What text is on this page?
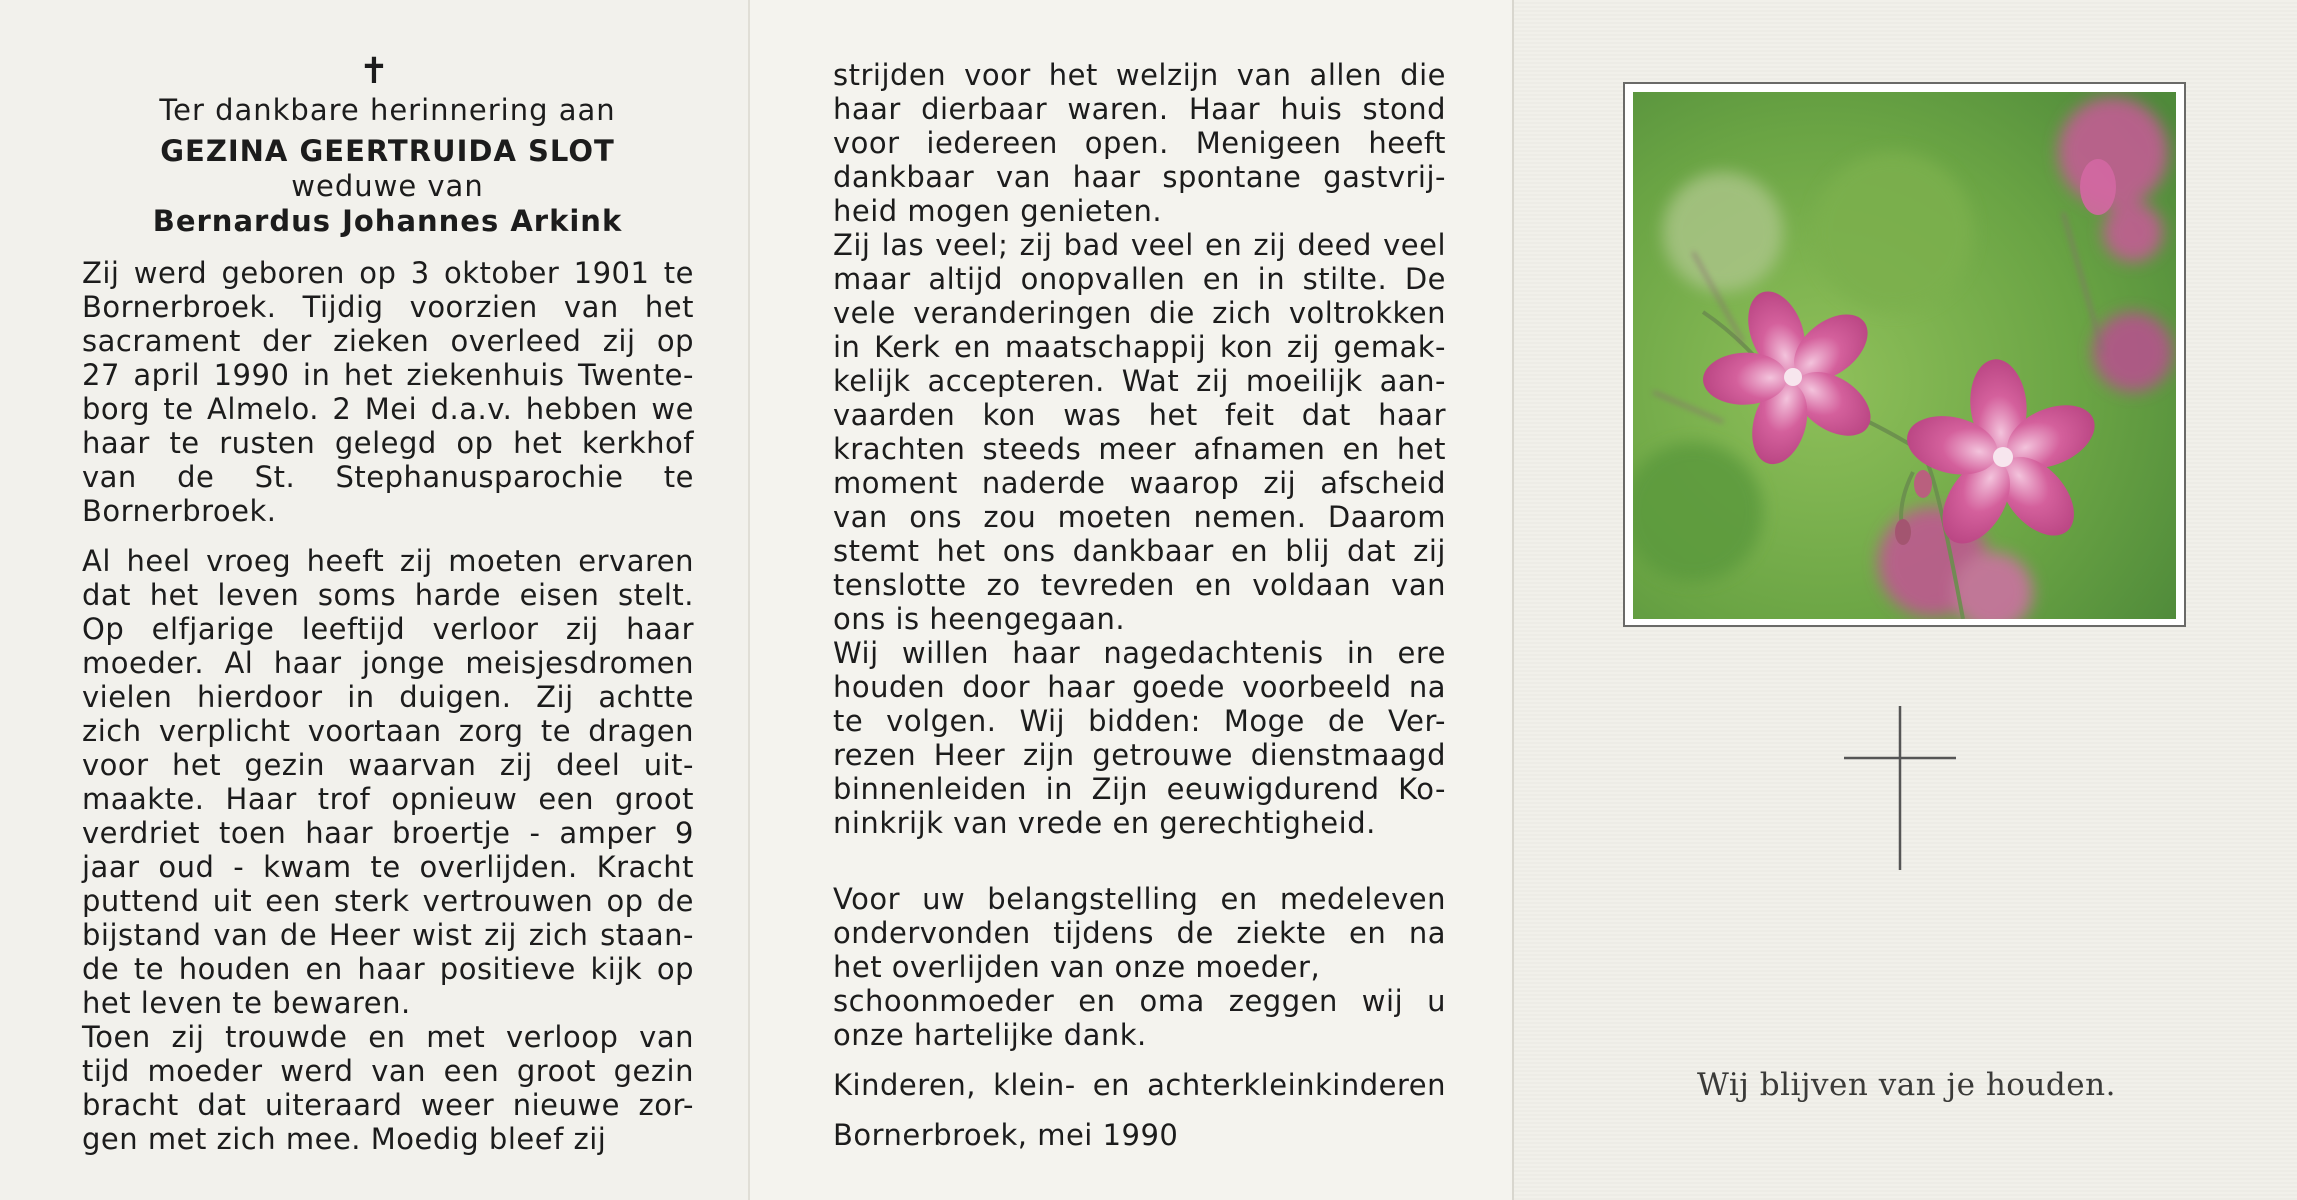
✝
Ter dankbare herinnering aan
GEZINA GEERTRUIDA SLOT
weduwe van
Bernardus Johannes Arkink
Zij werd geboren op 3 oktober 1901 te
Bornerbroek. Tijdig voorzien van het
sacrament der zieken overleed zij op
27 april 1990 in het ziekenhuis Twente-
borg te Almelo. 2 Mei d.a.v. hebben we
haar te rusten gelegd op het kerkhof
van de St. Stephanusparochie te
Bornerbroek.
Al heel vroeg heeft zij moeten ervaren
dat het leven soms harde eisen stelt.
Op elfjarige leeftijd verloor zij haar
moeder. Al haar jonge meisjesdromen
vielen hierdoor in duigen. Zij achtte
zich verplicht voortaan zorg te dragen
voor het gezin waarvan zij deel uit-
maakte. Haar trof opnieuw een groot
verdriet toen haar broertje - amper 9
jaar oud - kwam te overlijden. Kracht
puttend uit een sterk vertrouwen op de
bijstand van de Heer wist zij zich staan-
de te houden en haar positieve kijk op
het leven te bewaren.
Toen zij trouwde en met verloop van
tijd moeder werd van een groot gezin
bracht dat uiteraard weer nieuwe zor-
gen met zich mee. Moedig bleef zij
strijden voor het welzijn van allen die
haar dierbaar waren. Haar huis stond
voor iedereen open. Menigeen heeft
dankbaar van haar spontane gastvrij-
heid mogen genieten.
Zij las veel; zij bad veel en zij deed veel
maar altijd onopvallen en in stilte. De
vele veranderingen die zich voltrokken
in Kerk en maatschappij kon zij gemak-
kelijk accepteren. Wat zij moeilijk aan-
vaarden kon was het feit dat haar
krachten steeds meer afnamen en het
moment naderde waarop zij afscheid
van ons zou moeten nemen. Daarom
stemt het ons dankbaar en blij dat zij
tenslotte zo tevreden en voldaan van
ons is heengegaan.
Wij willen haar nagedachtenis in ere
houden door haar goede voorbeeld na
te volgen. Wij bidden: Moge de Ver-
rezen Heer zijn getrouwe dienstmaagd
binnenleiden in Zijn eeuwigdurend Ko-
ninkrijk van vrede en gerechtigheid.
Voor uw belangstelling en medeleven
ondervonden tijdens de ziekte en na
het overlijden van onze moeder,
schoonmoeder en oma zeggen wij u
onze hartelijke dank.
Kinderen, klein- en achterkleinkinderen
Bornerbroek, mei 1990
Wij blijven van je houden.
